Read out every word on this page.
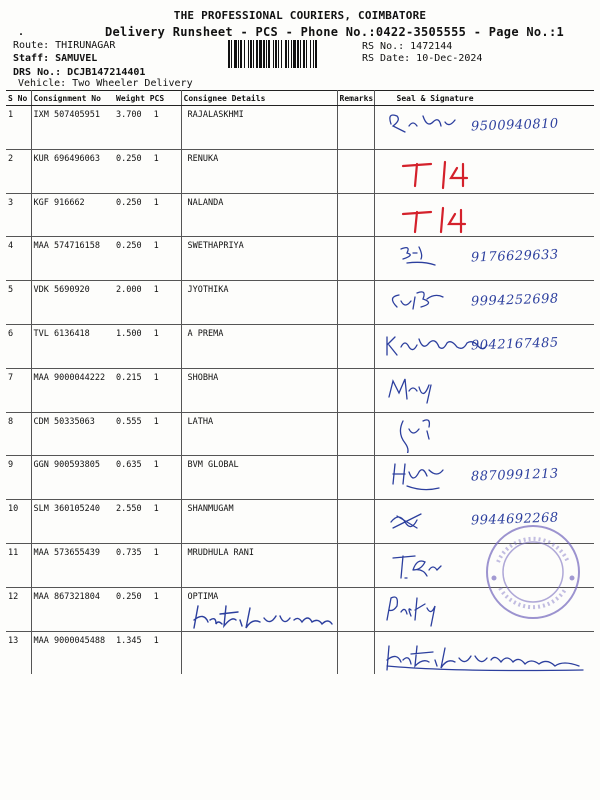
.
THE PROFESSIONAL COURIERS, COIMBATORE
Delivery Runsheet - PCS - Phone No.:0422-3505555 - Page No.:1
Route: THIRUNAGAR
Staff: SAMUVEL
DRS No.: DCJB147214401
Vehicle: Two Wheeler Delivery
RS No.: 1472144
RS Date: 10-Dec-2024
S No	Consignment No	Weight PCS	Consignee Details	Remarks	Seal & Signature
1	IXM 507405951	3.700 1	RAJALASKHMI		9500940810

2	KUR 696496063	0.250 1	RENUKA		

3	KGF 916662	0.250 1	NALANDA		

4	MAA 574716158	0.250 1	SWETHAPRIYA		9176629633

5	VDK 5690920	2.000 1	JYOTHIKA		9994252698

6	TVL 6136418	1.500 1	A PREMA		9042167485

7	MAA 9000044222	0.215 1	SHOBHA		

8	CDM 50335063	0.555 1	LATHA		

9	GGN 900593805	0.635 1	BVM GLOBAL		8870991213

10	SLM 360105240	2.550 1	SHANMUGAM		9944692268

11	MAA 573655439	0.735 1	MRUDHULA RANI		

12	MAA 867321804	0.250 1	OPTIMA		

13	MAA 9000045488	1.345 1			
